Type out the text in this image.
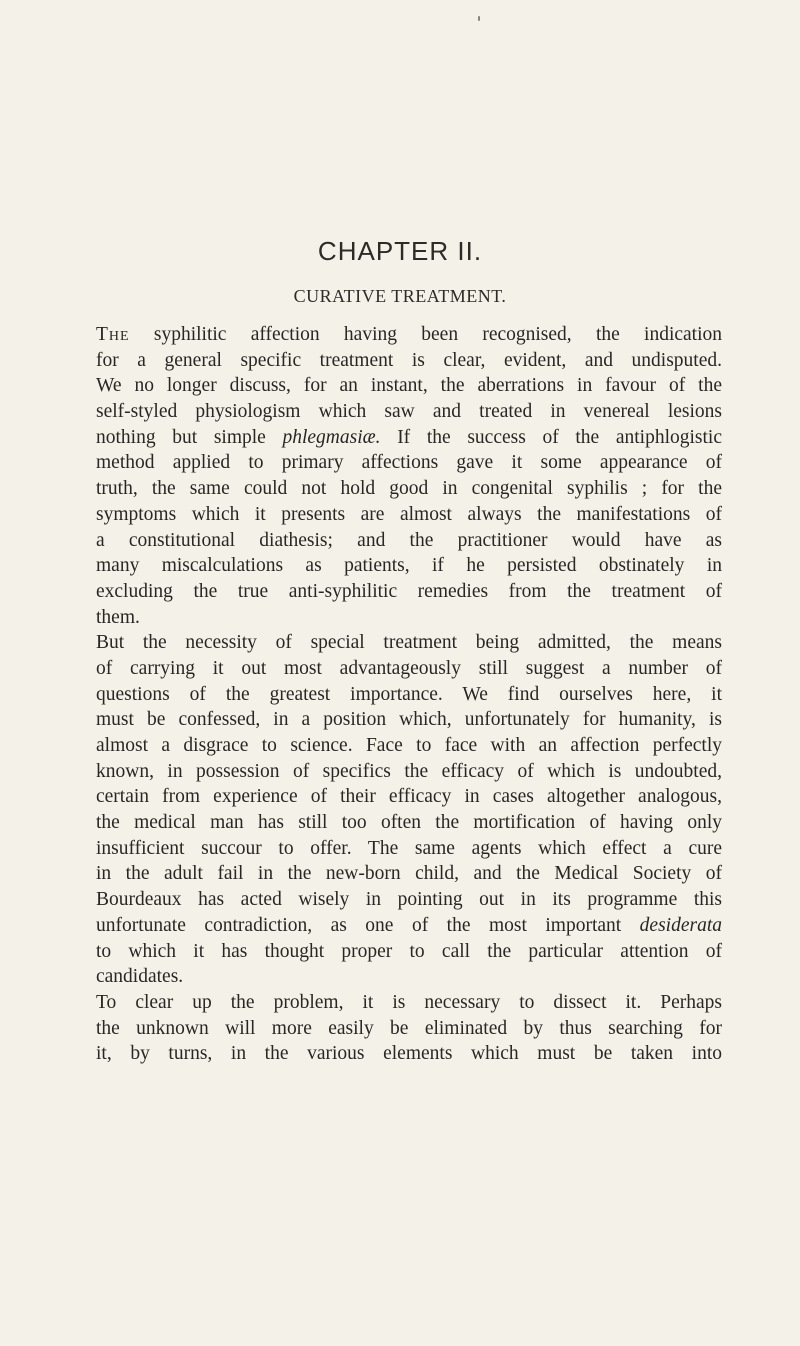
CHAPTER II.
CURATIVE TREATMENT.
The syphilitic affection having been recognised, the indication
for a general specific treatment is clear, evident, and undisputed.
We no longer discuss, for an instant, the aberrations in favour of the
self-styled physiologism which saw and treated in venereal lesions
nothing but simple phlegmasiæ. If the success of the antiphlogistic
method applied to primary affections gave it some appearance of
truth, the same could not hold good in congenital syphilis ; for the
symptoms which it presents are almost always the manifestations of
a constitutional diathesis; and the practitioner would have as
many miscalculations as patients, if he persisted obstinately in
excluding the true anti-syphilitic remedies from the treatment of
them.
But the necessity of special treatment being admitted, the means
of carrying it out most advantageously still suggest a number of
questions of the greatest importance. We find ourselves here, it
must be confessed, in a position which, unfortunately for humanity, is
almost a disgrace to science. Face to face with an affection perfectly
known, in possession of specifics the efficacy of which is undoubted,
certain from experience of their efficacy in cases altogether analogous,
the medical man has still too often the mortification of having only
insufficient succour to offer. The same agents which effect a cure
in the adult fail in the new-born child, and the Medical Society of
Bourdeaux has acted wisely in pointing out in its programme this
unfortunate contradiction, as one of the most important desiderata
to which it has thought proper to call the particular attention of
candidates.
To clear up the problem, it is necessary to dissect it. Perhaps
the unknown will more easily be eliminated by thus searching for
it, by turns, in the various elements which must be taken into
